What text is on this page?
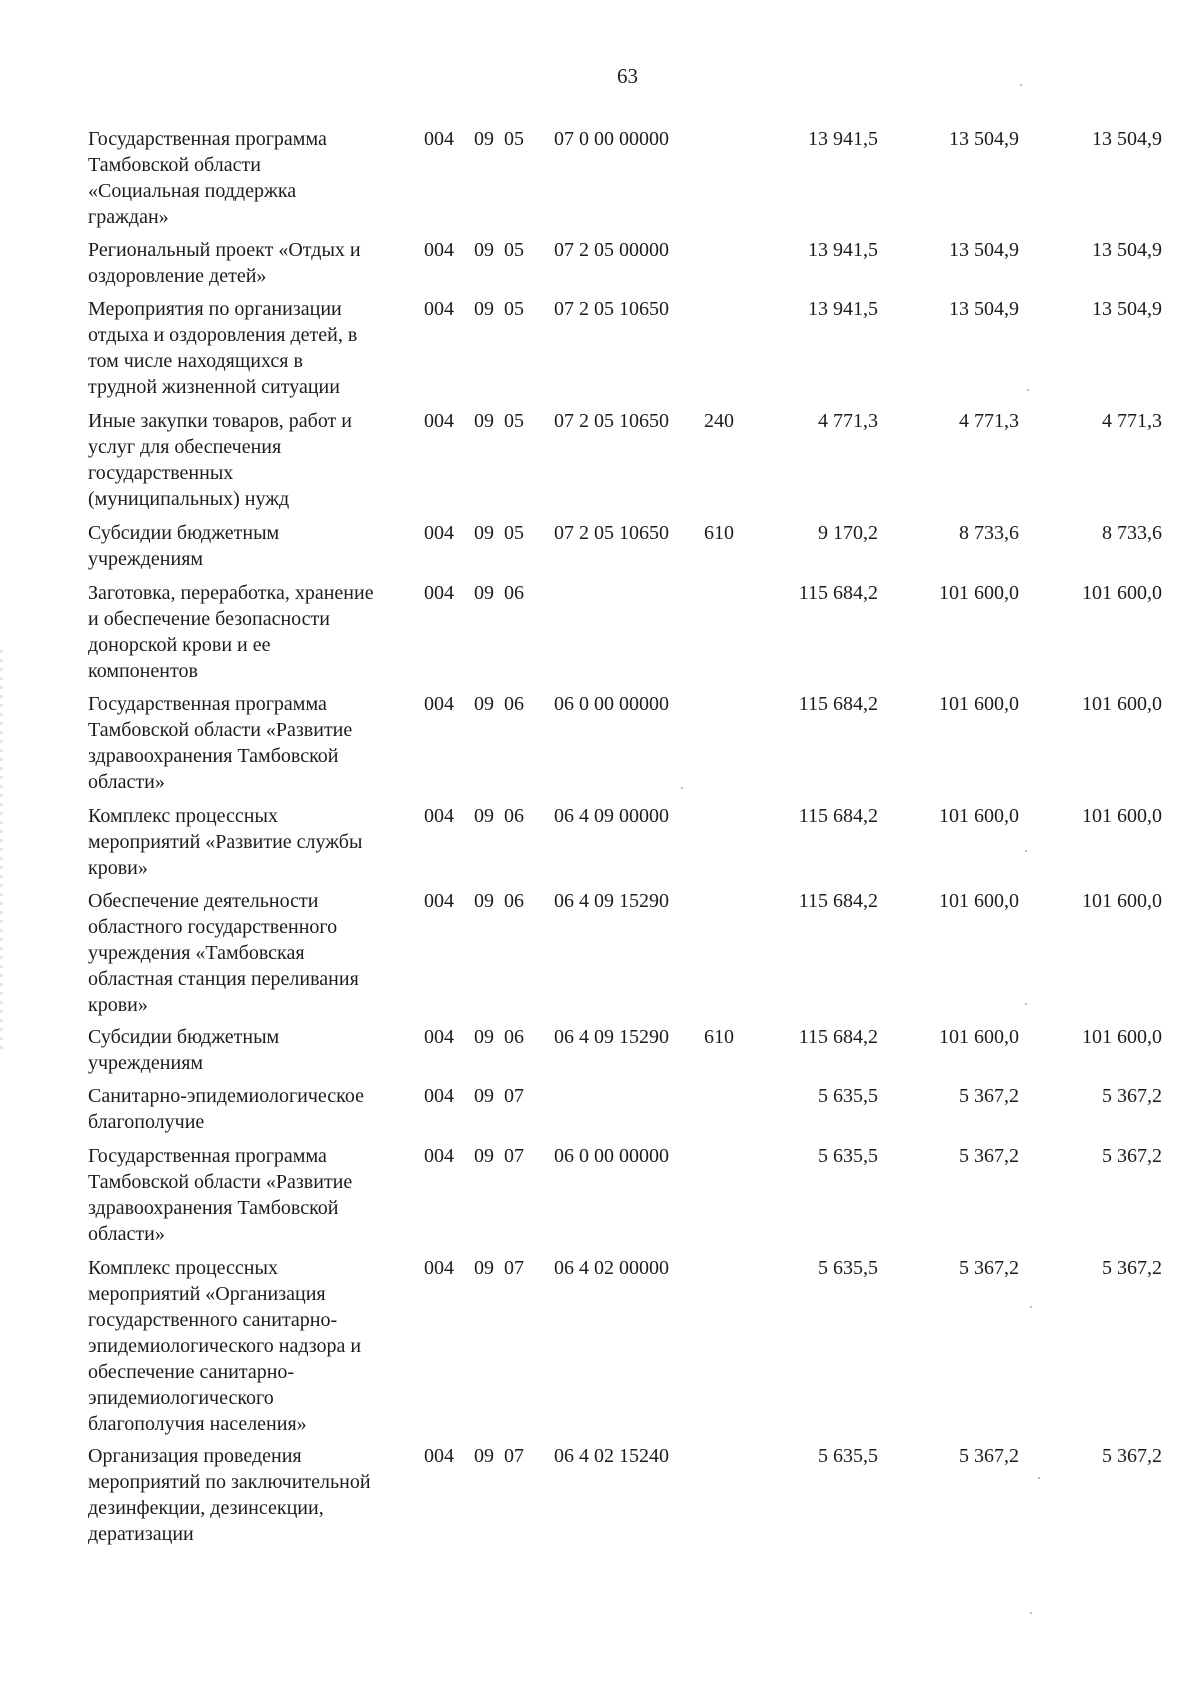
63
Государственная программа
Тамбовской области
«Социальная поддержка
граждан»
004 09 05 07 0 00 00000	13 941,5	13 504,9	13 504,9
Региональный проект «Отдых и
оздоровление детей»
004 09 05 07 2 05 00000	13 941,5	13 504,9	13 504,9
Мероприятия по организации
отдыха и оздоровления детей, в
том числе находящихся в
трудной жизненной ситуации
004 09 05 07 2 05 10650	13 941,5	13 504,9	13 504,9
Иные закупки товаров, работ и
услуг для обеспечения
государственных
(муниципальных) нужд
004 09 05 07 2 05 10650 240	4 771,3	4 771,3	4 771,3
Субсидии бюджетным
учреждениям
004 09 05 07 2 05 10650 610	9 170,2	8 733,6	8 733,6
Заготовка, переработка, хранение
и обеспечение безопасности
донорской крови и ее
компонентов
004 09 06	115 684,2	101 600,0	101 600,0
Государственная программа
Тамбовской области «Развитие
здравоохранения Тамбовской
области»
004 09 06 06 0 00 00000	115 684,2	101 600,0	101 600,0
Комплекс процессных
мероприятий «Развитие службы
крови»
004 09 06 06 4 09 00000	115 684,2	101 600,0	101 600,0
Обеспечение деятельности
областного государственного
учреждения «Тамбовская
областная станция переливания
крови»
004 09 06 06 4 09 15290	115 684,2	101 600,0	101 600,0
Субсидии бюджетным
учреждениям
004 09 06 06 4 09 15290 610	115 684,2	101 600,0	101 600,0
Санитарно-эпидемиологическое
благополучие
004 09 07	5 635,5	5 367,2	5 367,2
Государственная программа
Тамбовской области «Развитие
здравоохранения Тамбовской
области»
004 09 07 06 0 00 00000	5 635,5	5 367,2	5 367,2
Комплекс процессных
мероприятий «Организация
государственного санитарно-
эпидемиологического надзора и
обеспечение санитарно-
эпидемиологического
благополучия населения»
004 09 07 06 4 02 00000	5 635,5	5 367,2	5 367,2
Организация проведения
мероприятий по заключительной
дезинфекции, дезинсекции,
дератизации
004 09 07 06 4 02 15240	5 635,5	5 367,2	5 367,2
